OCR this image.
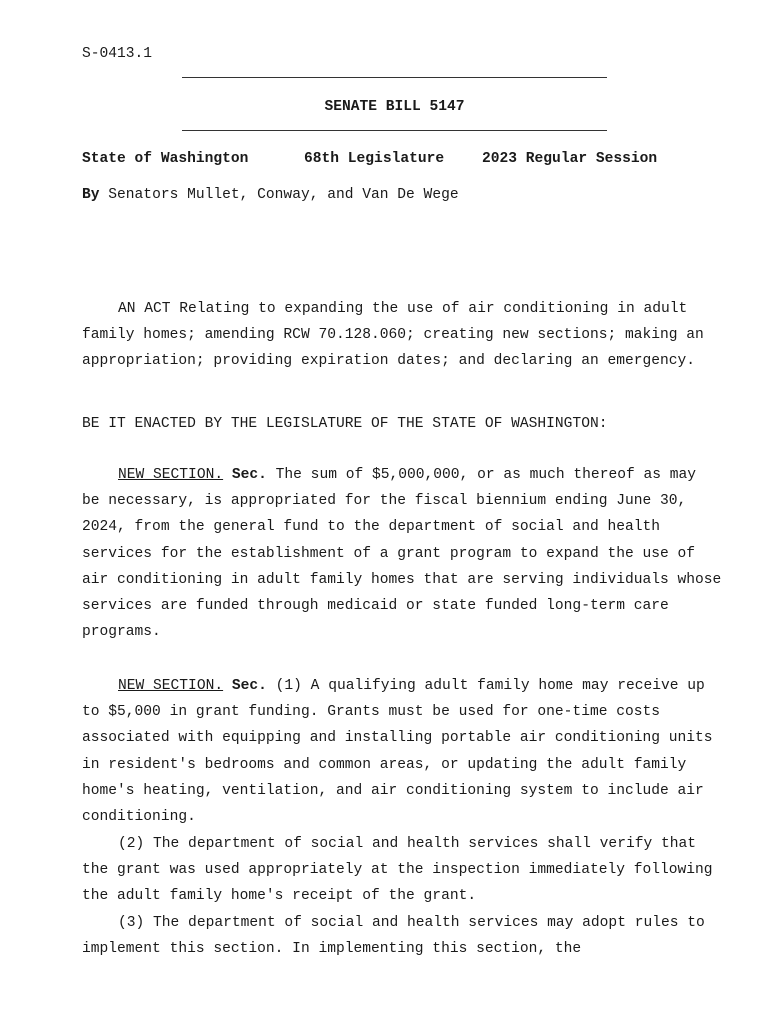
S-0413.1
SENATE BILL 5147

State of Washington

	68th Legislature

	2023 Regular Session

By Senators Mullet, Conway, and Van De Wege

AN ACT Relating to expanding the use of air conditioning in adult family homes; amending RCW 70.128.060; creating new sections; making an appropriation; providing expiration dates; and declaring an emergency.

BE IT ENACTED BY THE LEGISLATURE OF THE STATE OF WASHINGTON:

NEW SECTION. Sec. The sum of $5,000,000, or as much thereof as may be necessary, is appropriated for the fiscal biennium ending June 30, 2024, from the general fund to the department of social and health services for the establishment of a grant program to expand the use of air conditioning in adult family homes that are serving individuals whose services are funded through medicaid or state funded long-term care programs.

NEW SECTION. Sec. (1) A qualifying adult family home may receive up to $5,000 in grant funding. Grants must be used for one-time costs associated with equipping and installing portable air conditioning units in resident's bedrooms and common areas, or updating the adult family home's heating, ventilation, and air conditioning system to include air conditioning.

(2) The department of social and health services shall verify that the grant was used appropriately at the inspection immediately following the adult family home's receipt of the grant.

(3) The department of social and health services may adopt rules to implement this section. In implementing this section, the
